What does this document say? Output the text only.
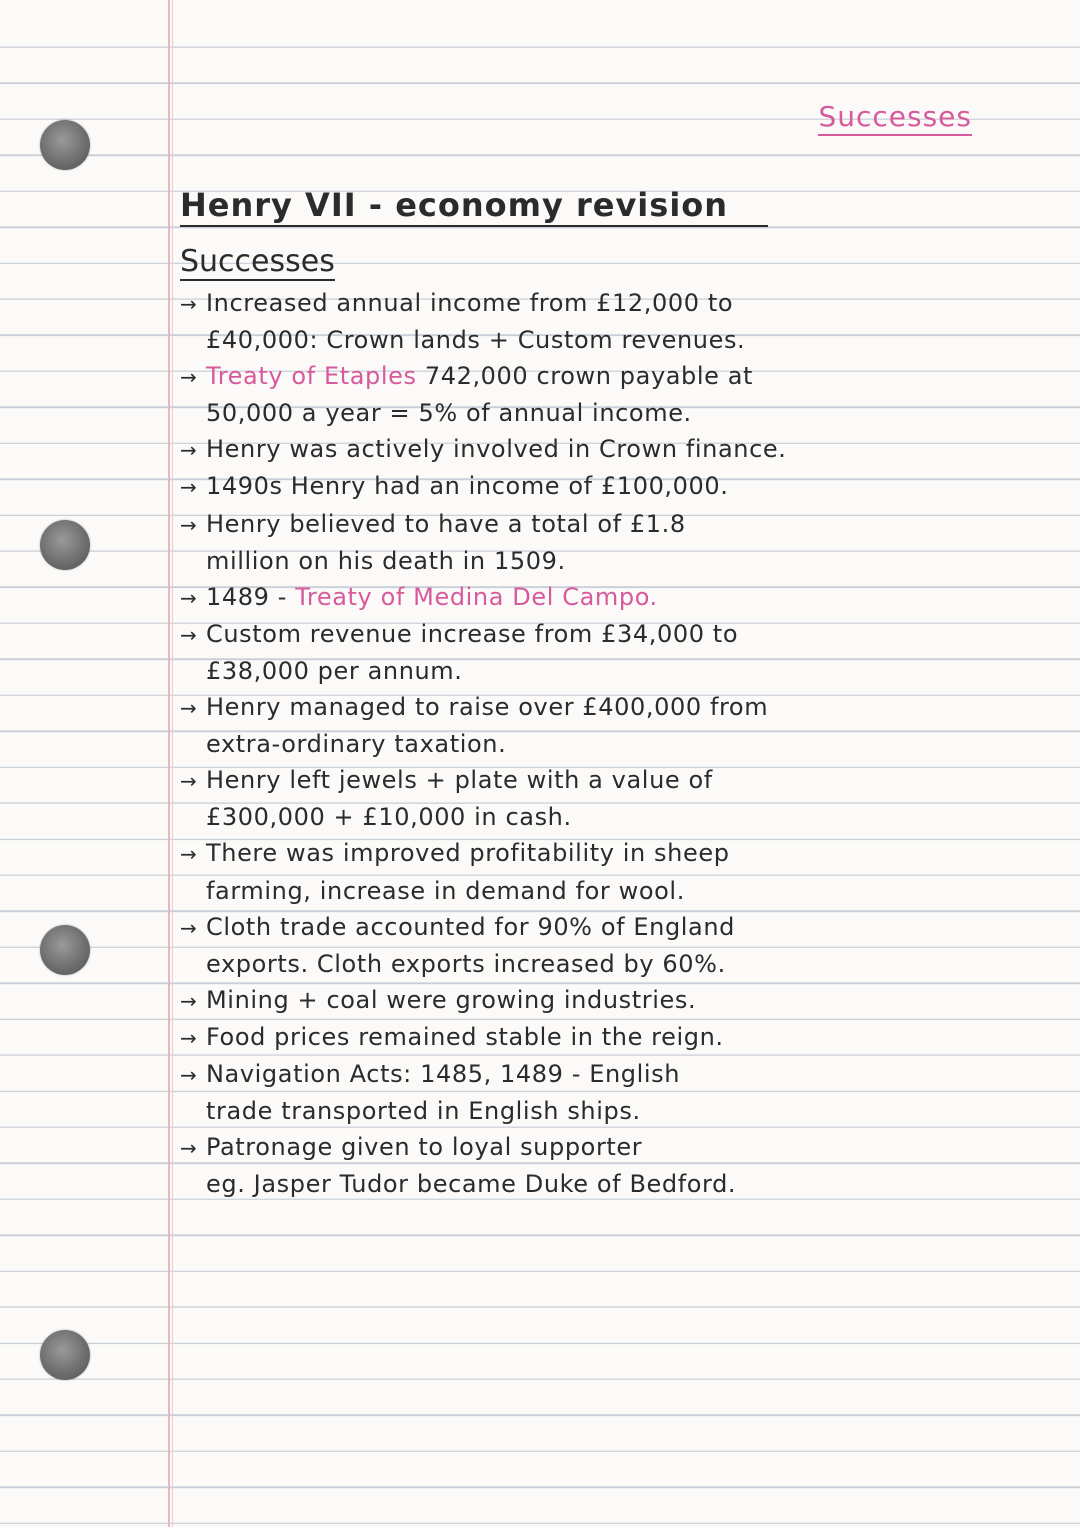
Successes
Henry VII - economy revision
Successes
→ Increased annual income from £12,000 to
£40,000: Crown lands + Custom revenues.
→ Treaty of Etaples 742,000 crown payable at
50,000 a year = 5% of annual income.
→ Henry was actively involved in Crown finance.
→ 1490s Henry had an income of £100,000.
→ Henry believed to have a total of £1.8
million on his death in 1509.
→ 1489 - Treaty of Medina Del Campo.
→ Custom revenue increase from £34,000 to
£38,000 per annum.
→ Henry managed to raise over £400,000 from
extra-ordinary taxation.
→ Henry left jewels + plate with a value of
£300,000 + £10,000 in cash.
→ There was improved profitability in sheep
farming, increase in demand for wool.
→ Cloth trade accounted for 90% of England
exports. Cloth exports increased by 60%.
→ Mining + coal were growing industries.
→ Food prices remained stable in the reign.
→ Navigation Acts: 1485, 1489 - English
trade transported in English ships.
→ Patronage given to loyal supporter
eg. Jasper Tudor became Duke of Bedford.
